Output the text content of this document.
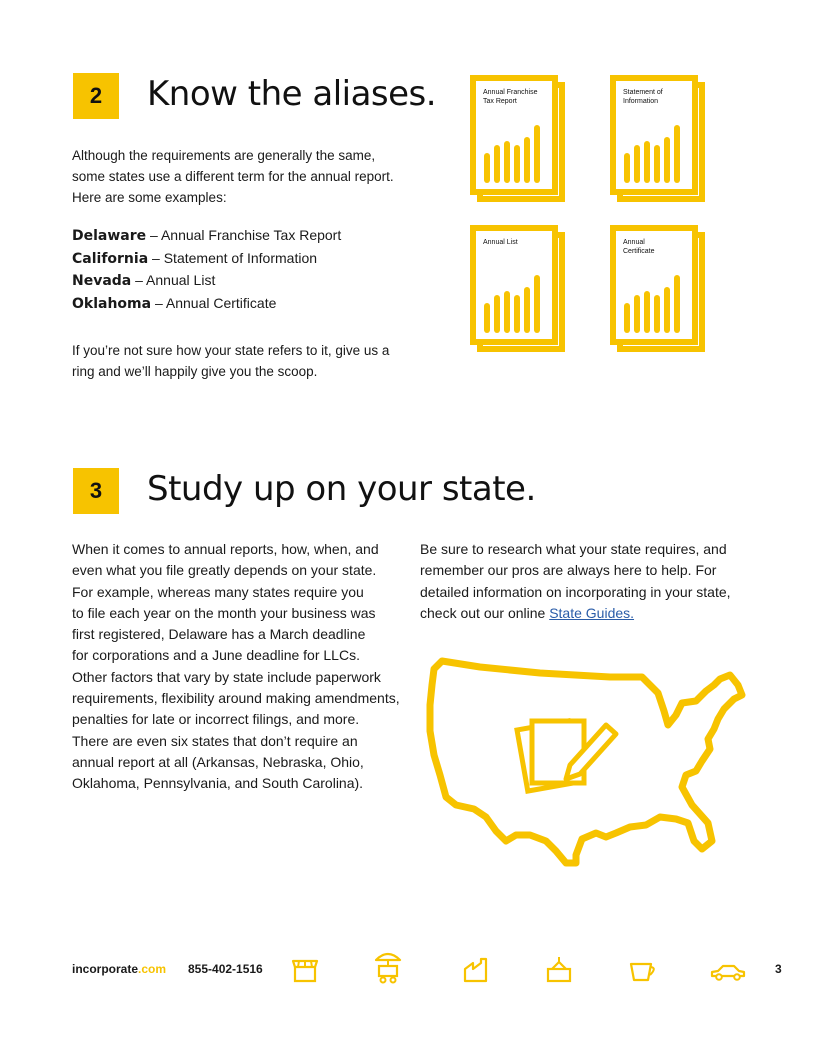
2 Know the aliases.
Although the requirements are generally the same,
some states use a different term for the annual report.
Here are some examples:
Delaware – Annual Franchise Tax Report
California – Statement of Information
Nevada – Annual List
Oklahoma – Annual Certificate
If you’re not sure how your state refers to it, give us a
ring and we’ll happily give you the scoop.
Annual Franchise
Tax Report
Statement of
Information
Annual List	Annual
Certificate
3 Study up on your state.
When it comes to annual reports, how, when, and
even what you file greatly depends on your state.
For example, whereas many states require you
to file each year on the month your business was
first registered, Delaware has a March deadline
for corporations and a June deadline for LLCs.
Other factors that vary by state include paperwork
requirements, flexibility around making amendments,
penalties for late or incorrect filings, and more.
There are even six states that don’t require an
annual report at all (Arkansas, Nebraska, Ohio,
Oklahoma, Pennsylvania, and South Carolina).
Be sure to research what your state requires, and
remember our pros are always here to help. For
detailed information on incorporating in your state,
check out our online State Guides.
incorporate.com 855-402-1516	3
